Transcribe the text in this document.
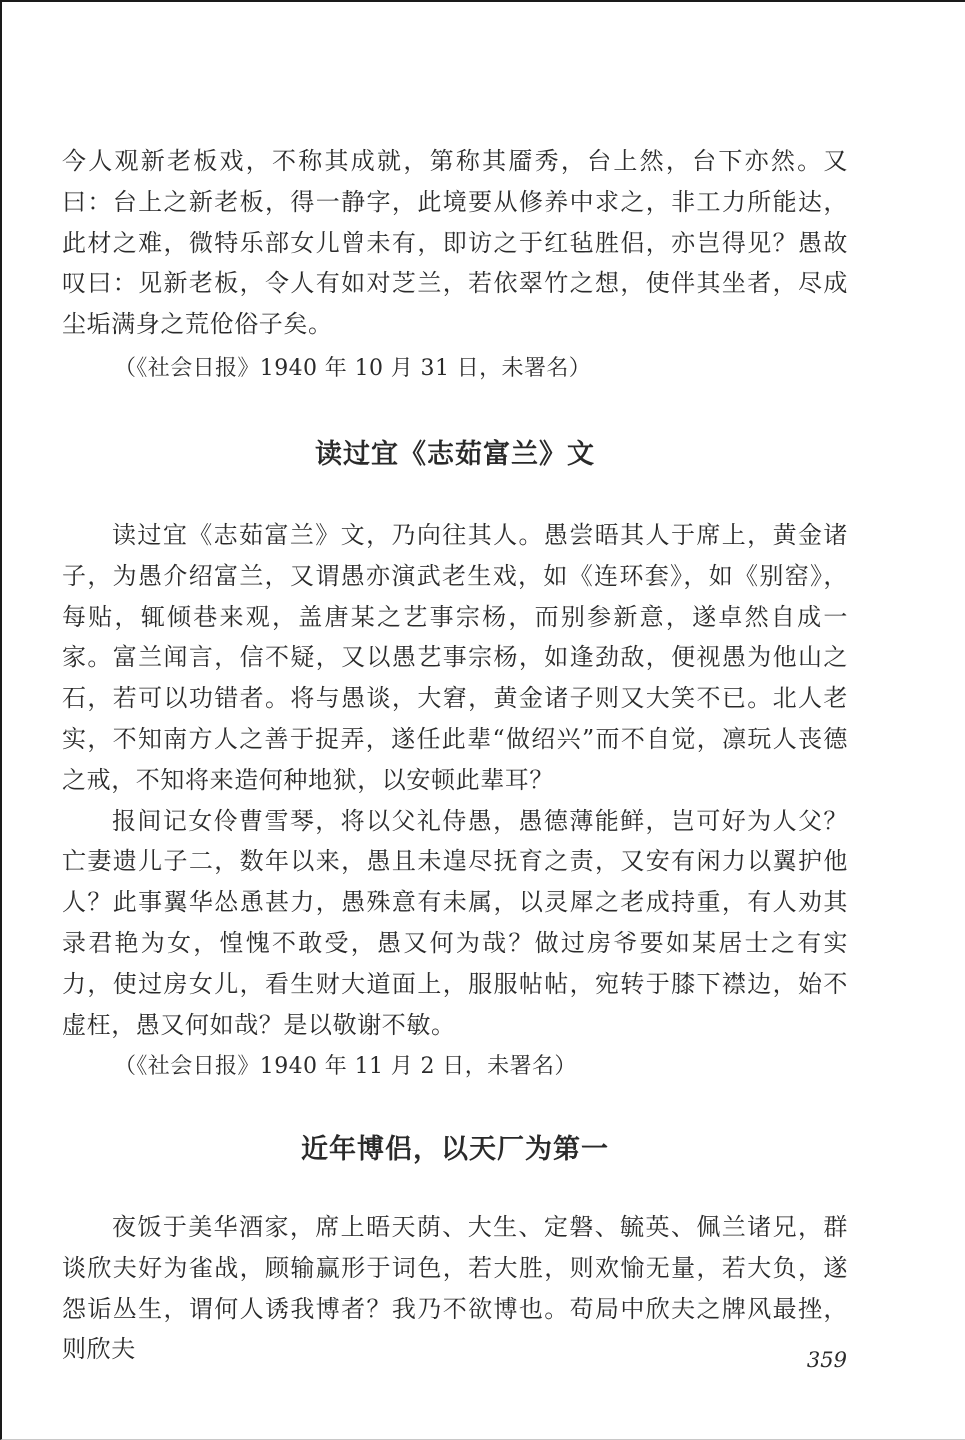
今人观新老板戏，不称其成就，第称其靥秀，台上然，台下亦然。又曰：台上之新老板，得一静字，此境要从修养中求之，非工力所能达，此材之难，微特乐部女儿曾未有，即访之于红毡胜侣，亦岂得见？愚故叹曰：见新老板，令人有如对芝兰，若依翠竹之想，使伴其坐者，尽成尘垢满身之荒伧俗子矣。

（《社会日报》1940 年 10 月 31 日，未署名）

读过宜《志茹富兰》文

读过宜《志茹富兰》文，乃向往其人。愚尝晤其人于席上，黄金诸子，为愚介绍富兰，又谓愚亦演武老生戏，如《连环套》，如《别窑》，每贴，辄倾巷来观，盖唐某之艺事宗杨，而别参新意，遂卓然自成一家。富兰闻言，信不疑，又以愚艺事宗杨，如逢劲敌，便视愚为他山之石，若可以功错者。将与愚谈，大窘，黄金诸子则又大笑不已。北人老实，不知南方人之善于捉弄，遂任此辈“做绍兴”而不自觉，凛玩人丧德之戒，不知将来造何种地狱，以安顿此辈耳？

报间记女伶曹雪琴，将以父礼侍愚，愚德薄能鲜，岂可好为人父？亡妻遗儿子二，数年以来，愚且未遑尽抚育之责，又安有闲力以翼护他人？此事翼华怂恿甚力，愚殊意有未属，以灵犀之老成持重，有人劝其录君艳为女，惶愧不敢受，愚又何为哉？做过房爷要如某居士之有实力，使过房女儿，看生财大道面上，服服帖帖，宛转于膝下襟边，始不虚枉，愚又何如哉？是以敬谢不敏。

（《社会日报》1940 年 11 月 2 日，未署名）

近年博侣，以天厂为第一

夜饭于美华酒家，席上晤天荫、大生、定磐、毓英、佩兰诸兄，群谈欣夫好为雀战，顾输赢形于词色，若大胜，则欢愉无量，若大负，遂怨诟丛生，谓何人诱我博者？我乃不欲博也。苟局中欣夫之牌风最挫，则欣夫	359
